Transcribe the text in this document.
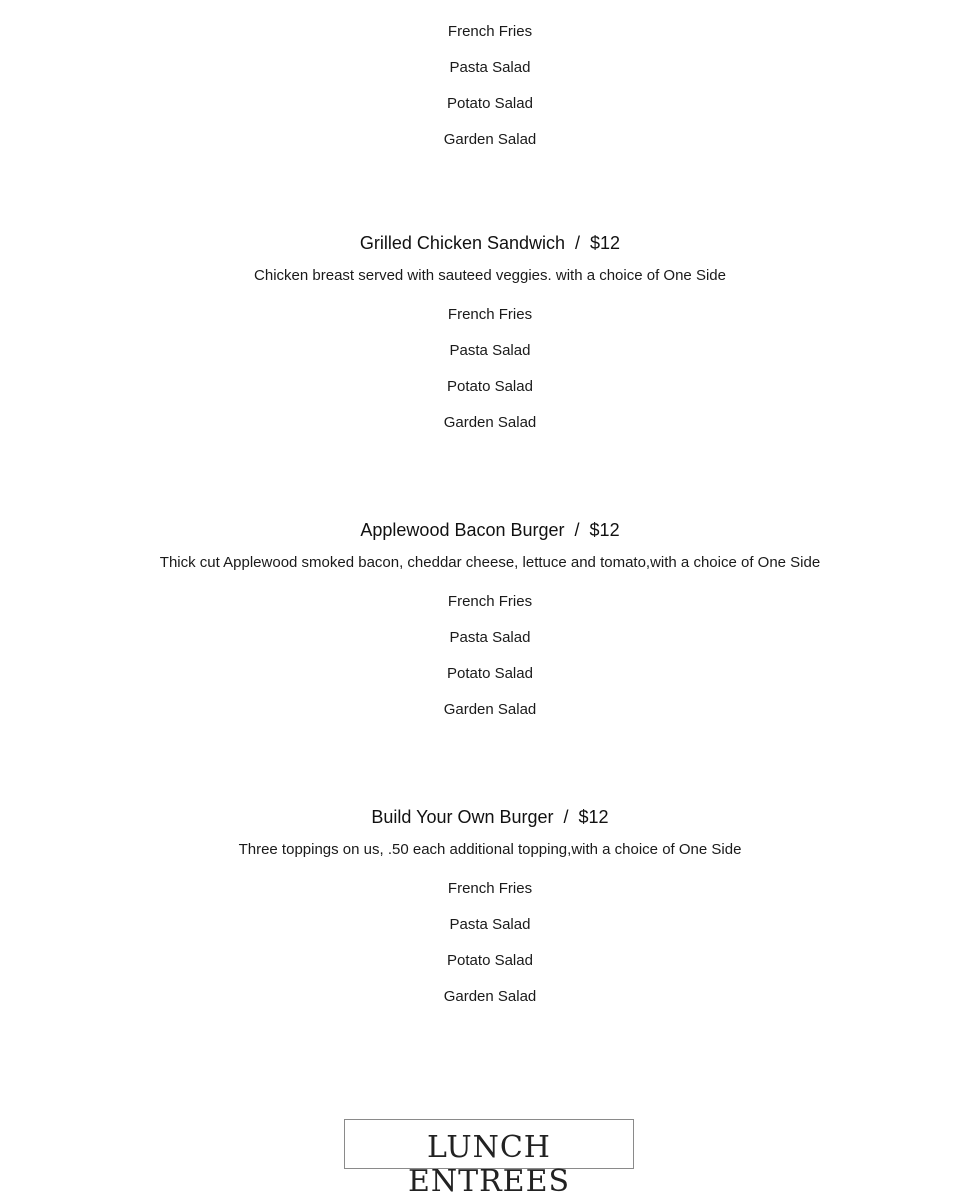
French Fries
Pasta Salad
Potato Salad
Garden Salad
Grilled Chicken Sandwich / $12
Chicken breast served with sauteed veggies. with a choice of One Side
French Fries
Pasta Salad
Potato Salad
Garden Salad
Applewood Bacon Burger / $12
Thick cut Applewood smoked bacon, cheddar cheese, lettuce and tomato,with a choice of One Side
French Fries
Pasta Salad
Potato Salad
Garden Salad
Build Your Own Burger / $12
Three toppings on us, .50 each additional topping,with a choice of One Side
French Fries
Pasta Salad
Potato Salad
Garden Salad
LUNCH ENTREES
